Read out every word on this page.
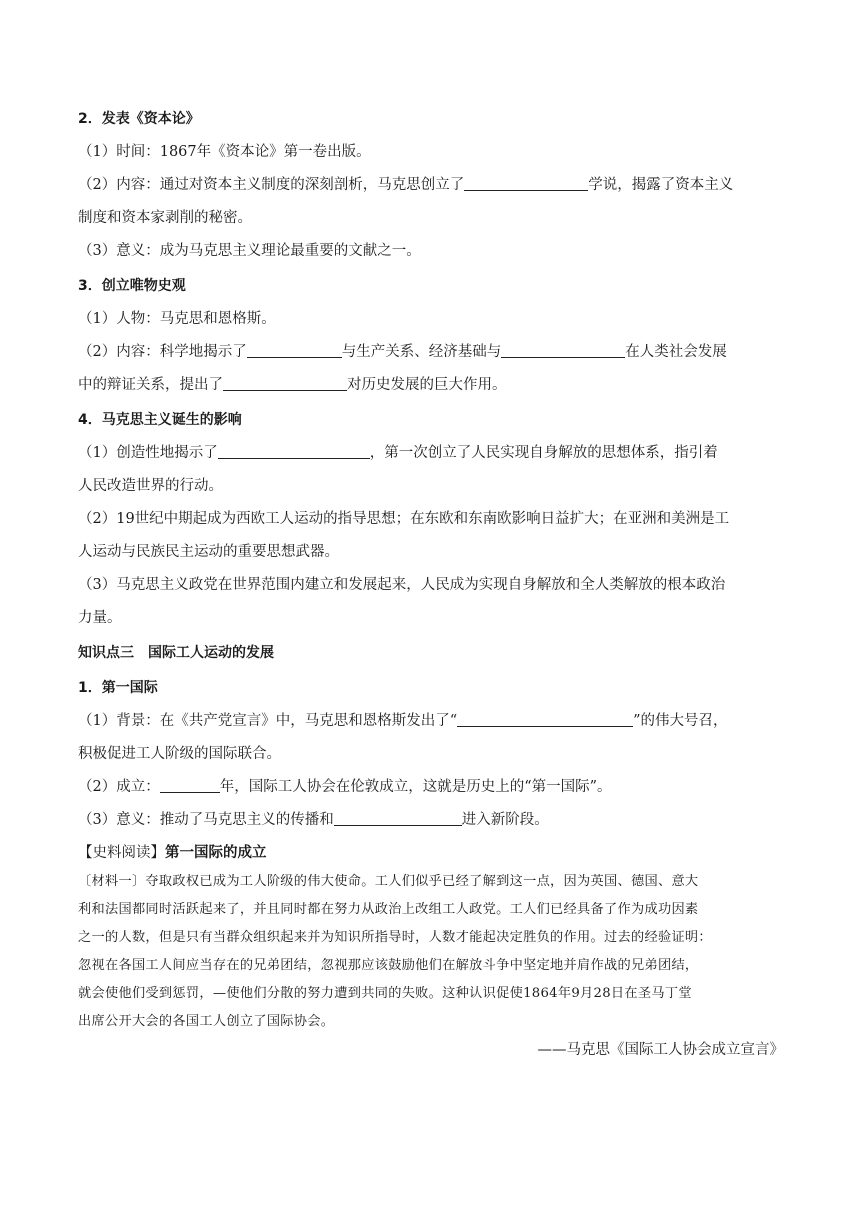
2．发表《资本论》
（1）时间：1867年《资本论》第一卷出版。
（2）内容：通过对资本主义制度的深刻剖析，马克思创立了	学说，揭露了资本主义
制度和资本家剥削的秘密。
（3）意义：成为马克思主义理论最重要的文献之一。
3．创立唯物史观
（1）人物：马克思和恩格斯。
（2）内容：科学地揭示了	与生产关系、经济基础与	在人类社会发展
中的辩证关系，提出了	对历史发展的巨大作用。
4．马克思主义诞生的影响
（1）创造性地揭示了	，第一次创立了人民实现自身解放的思想体系，指引着
人民改造世界的行动。
（2）19世纪中期起成为西欧工人运动的指导思想；在东欧和东南欧影响日益扩大；在亚洲和美洲是工
人运动与民族民主运动的重要思想武器。
（3）马克思主义政党在世界范围内建立和发展起来，人民成为实现自身解放和全人类解放的根本政治
力量。
知识点三　国际工人运动的发展
1．第一国际
（1）背景：在《共产党宣言》中，马克思和恩格斯发出了“	”的伟大号召，
积极促进工人阶级的国际联合。
（2）成立：	年，国际工人协会在伦敦成立，这就是历史上的“第一国际”。
（3）意义：推动了马克思主义的传播和	进入新阶段。
【史料阅读】第一国际的成立
〔材料一〕夺取政权已成为工人阶级的伟大使命。工人们似乎已经了解到这一点，因为英国、德国、意大
利和法国都同时活跃起来了，并且同时都在努力从政治上改组工人政党。工人们已经具备了作为成功因素
之一的人数，但是只有当群众组织起来并为知识所指导时，人数才能起决定胜负的作用。过去的经验证明：
忽视在各国工人间应当存在的兄弟团结，忽视那应该鼓励他们在解放斗争中坚定地并肩作战的兄弟团结，
就会使他们受到惩罚，—使他们分散的努力遭到共同的失败。这种认识促使1864年9月28日在圣马丁堂
出席公开大会的各国工人创立了国际协会。
——马克思《国际工人协会成立宣言》
